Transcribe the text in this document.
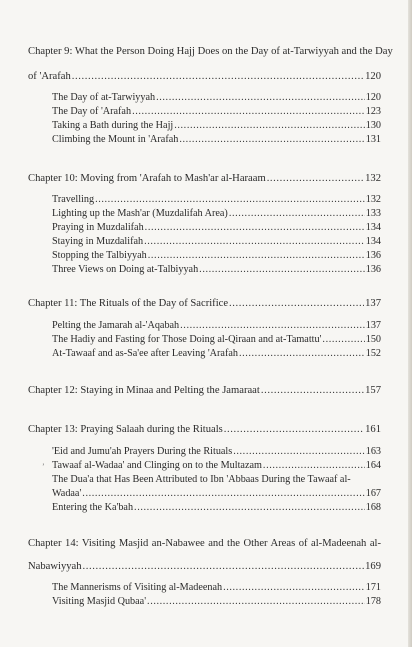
Chapter 9: What the Person Doing Hajj Does on the Day of at-Tarwiyyah and the Day
of 'Arafah .....	120
The Day of at-Tarwiyyah .....	120
The Day of 'Arafah .....	123
Taking a Bath during the Hajj .....	130
Climbing the Mount in 'Arafah .....	131
Chapter 10: Moving from 'Arafah to Mash'ar al-Haraam .....	132
Travelling .....	132
Lighting up the Mash'ar (Muzdalifah Area) .....	133
Praying in Muzdalifah .....	134
Staying in Muzdalifah .....	134
Stopping the Talbiyyah .....	136
Three Views on Doing at-Talbiyyah .....	136
Chapter 11: The Rituals of the Day of Sacrifice .....	137
Pelting the Jamarah al-'Aqabah .....	137
The Hadiy and Fasting for Those Doing al-Qiraan and at-Tamattu' .....	150
At-Tawaaf and as-Sa'ee after Leaving 'Arafah .....	152
Chapter 12: Staying in Minaa and Pelting the Jamaraat .....	157
Chapter 13: Praying Salaah during the Rituals .....	161
’
'Eid and Jumu'ah Prayers During the Rituals .....	163
Tawaaf al-Wadaa' and Clinging on to the Multazam .....	164
The Dua'a that Has Been Attributed to Ibn 'Abbaas During the Tawaaf al-
Wadaa' .....	167
Entering the Ka'bah .....	168
Chapter 14: Visiting Masjid an-Nabawee and the Other Areas of al-Madeenah al-
Nabawiyyah .....	169
The Mannerisms of Visiting al-Madeenah .....	171
Visiting Masjid Qubaa' .....	178
